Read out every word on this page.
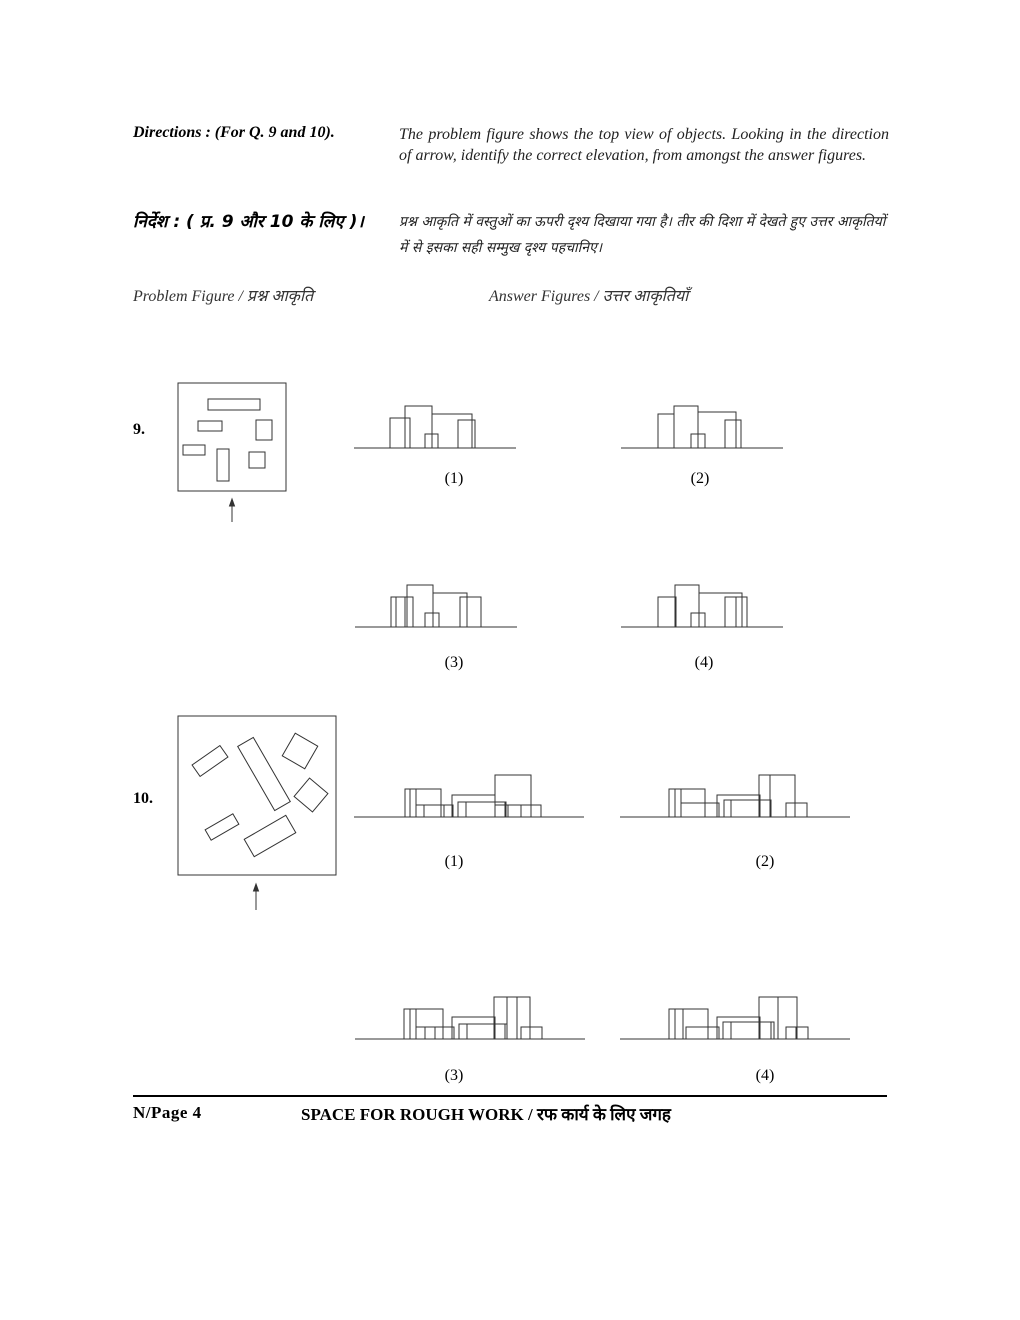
Directions : (For Q. 9 and 10).	The problem figure shows the top view of objects. Looking in the direction of arrow, identify the correct elevation, from amongst the answer figures.
निर्देश : ( प्र. 9 और 10 के लिए )।	प्रश्न आकृति में वस्तुओं का ऊपरी दृश्य दिखाया गया है। तीर की दिशा में देखते हुए उत्तर आकृतियों में से इसका सही सम्मुख दृश्य पहचानिए।
Problem Figure / प्रश्न आकृति	Answer Figures / उत्तर आकृतियाँ
9.
(1)	(2)
(3)	(4)
10.
(1)	(2)
(3)	(4)
N/Page 4	SPACE FOR ROUGH WORK / रफ कार्य के लिए जगह
